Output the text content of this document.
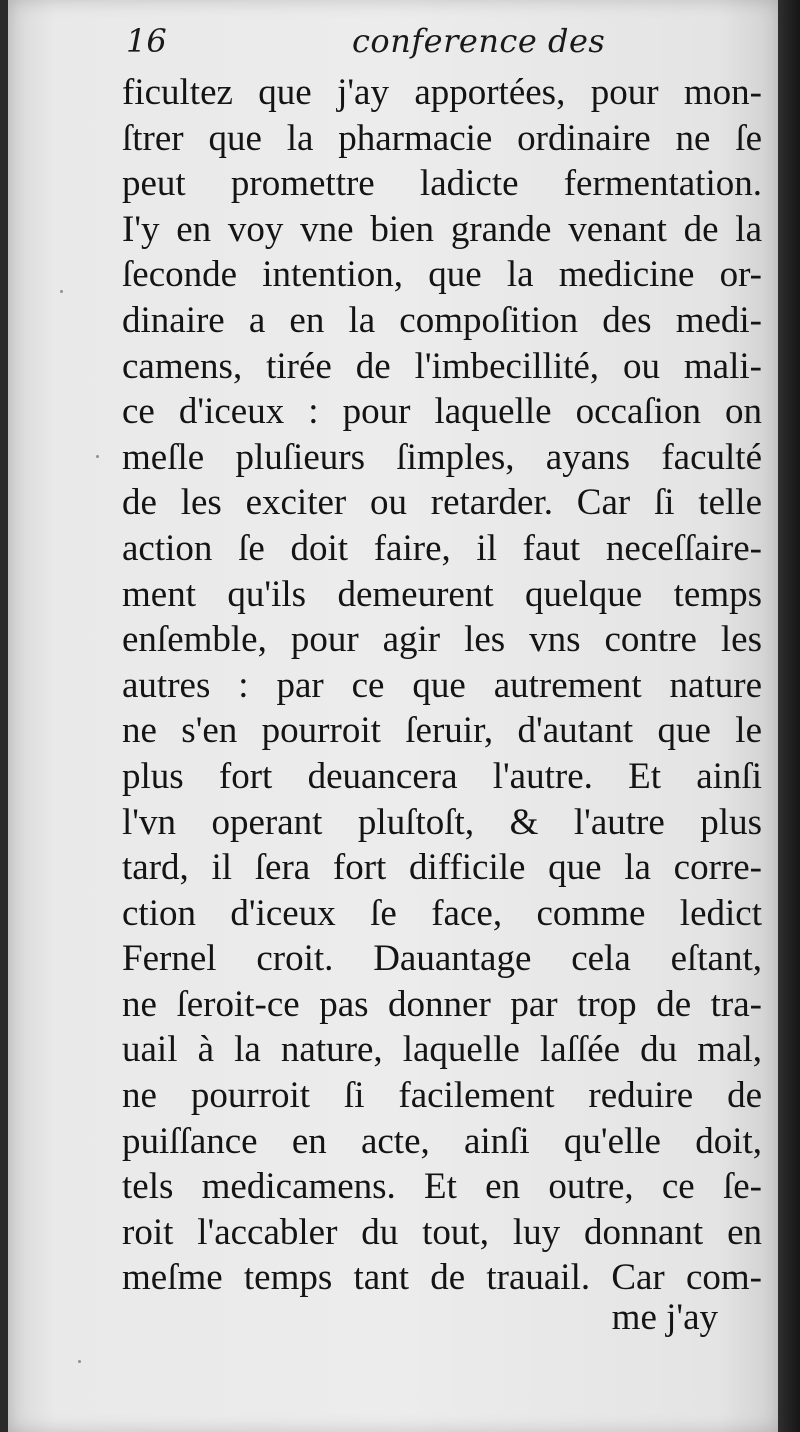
16	conference des
ficultez que j'ay apportées, pour mon-
ſtrer que la pharmacie ordinaire ne ſe
peut promettre ladicte fermentation.
I'y en voy vne bien grande venant de la
ſeconde intention, que la medicine or-
dinaire a en la compoſition des medi-
camens, tirée de l'imbecillité, ou mali-
ce d'iceux : pour laquelle occaſion on
meſle pluſieurs ſimples, ayans faculté
de les exciter ou retarder. Car ſi telle
action ſe doit faire, il faut neceſſaire-
ment qu'ils demeurent quelque temps
enſemble, pour agir les vns contre les
autres : par ce que autrement nature
ne s'en pourroit ſeruir, d'autant que le
plus fort deuancera l'autre. Et ainſi
l'vn operant pluſtoſt, & l'autre plus
tard, il ſera fort difficile que la corre-
ction d'iceux ſe face, comme ledict
Fernel croit. Dauantage cela eſtant,
ne ſeroit-ce pas donner par trop de tra-
uail à la nature, laquelle laſſée du mal,
ne pourroit ſi facilement reduire de
puiſſance en acte, ainſi qu'elle doit,
tels medicamens. Et en outre, ce ſe-
roit l'accabler du tout, luy donnant en
meſme temps tant de trauail. Car com-
me j'ay
